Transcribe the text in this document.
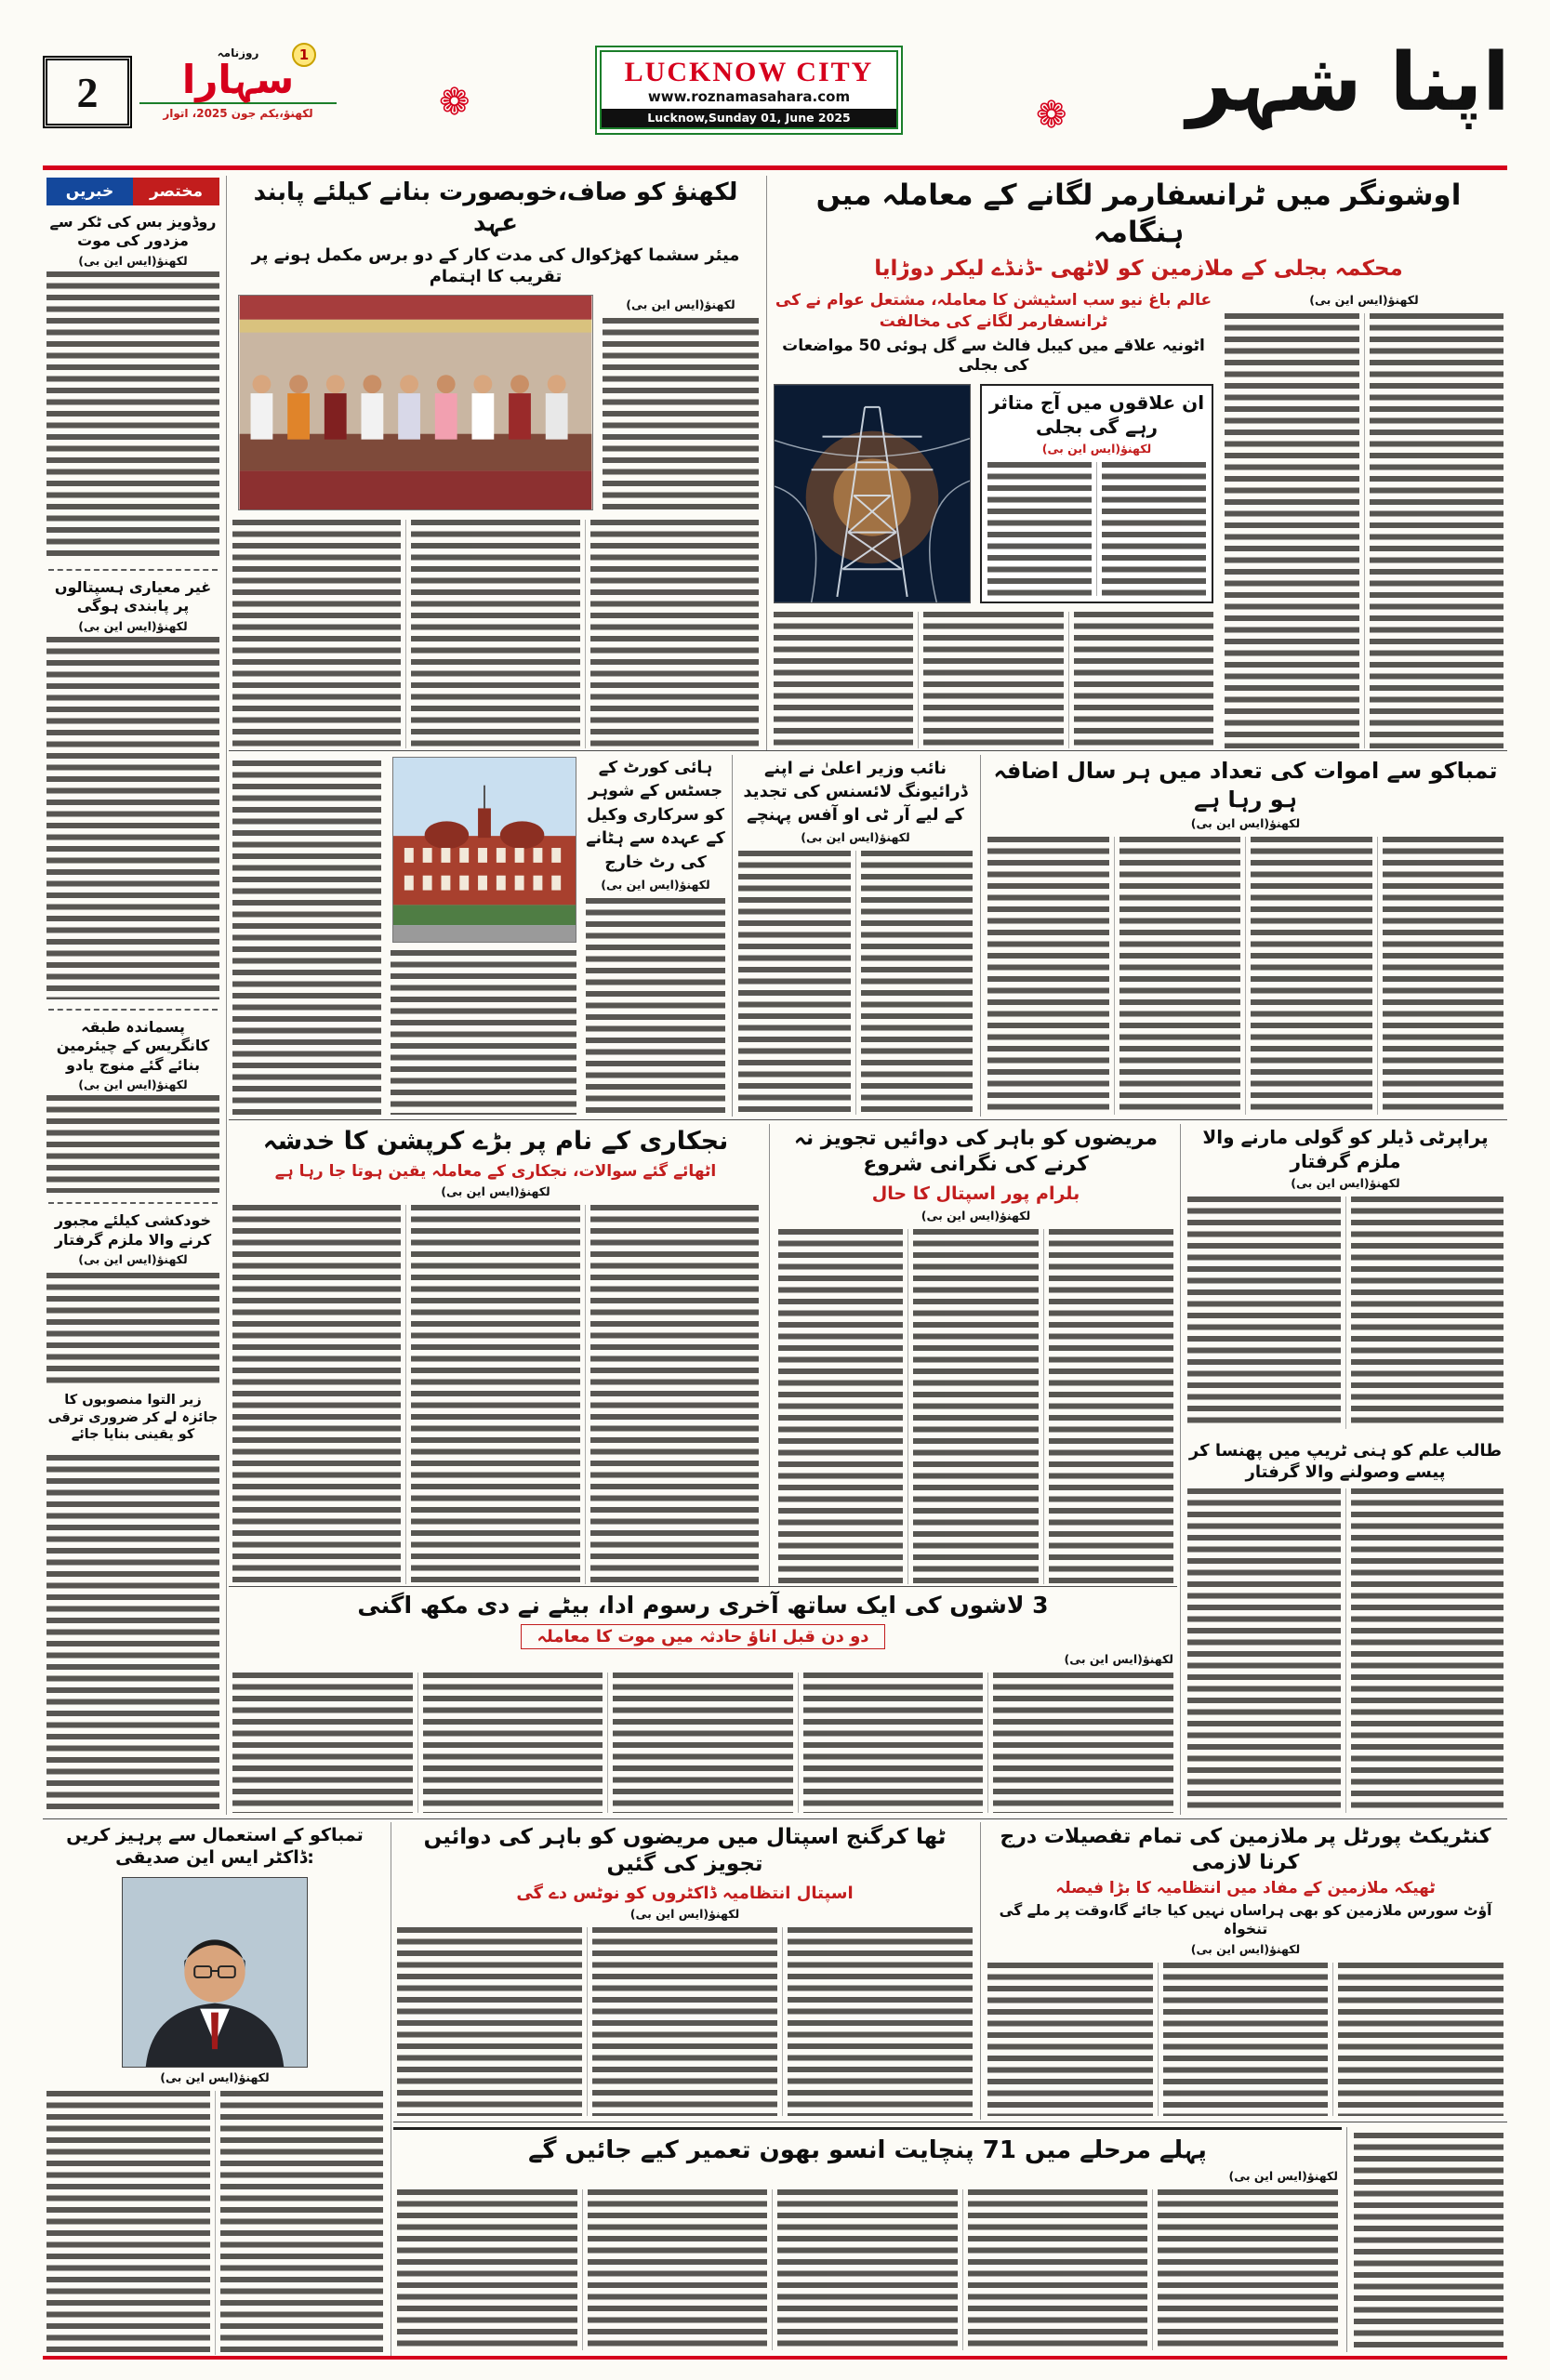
2
1
روزنامہ
سہارا
لکھنؤ،یکم جون 2025، اتوار	❁
LUCKNOW CITY
www.roznamasahara.com
Lucknow,Sunday 01, June 2025	❁ اپنا شہر
مختصر
خبریں
روڈویز بس کی ٹکر سے مزدور کی موت
لکھنؤ(ایس این بی)
غیر معیاری ہسپتالوں پر پابندی ہوگی
لکھنؤ(ایس این بی)
پسماندہ طبقہ کانگریس کے چیئرمین بنائے گئے منوج یادو
لکھنؤ(ایس این بی)
خودکشی کیلئے مجبور کرنے والا ملزم گرفتار
لکھنؤ(ایس این بی)
زیر التوا منصوبوں کا جائزہ لے کر ضروری ترقی کو یقینی بنایا جائے
لکھنؤ کو صاف،خوبصورت بنانے کیلئے پابند عہد
میئر سشما کھڑکوال کی مدت کار کے دو برس مکمل ہونے پر تقریب کا اہتمام
لکھنؤ(ایس این بی)
اوشونگر میں ٹرانسفارمر لگانے کے معاملہ میں ہنگامہ
محکمہ بجلی کے ملازمین کو لاٹھی -ڈنڈے لیکر دوڑایا
لکھنؤ(ایس این بی)
عالم باغ نیو سب اسٹیشن کا معاملہ، مشتعل عوام نے کی ٹرانسفارمر لگانے کی مخالفت
اٹونیہ علاقے میں کیبل فالٹ سے گل ہوئی 50 مواضعات کی بجلی
ان علاقوں میں آج متاثر رہے گی بجلی
لکھنؤ(ایس این بی)
ہائی کورٹ کے جسٹس کے شوہر کو سرکاری وکیل کے عہدہ سے ہٹانے کی رٹ خارج
لکھنؤ(ایس این بی)
نائب وزیر اعلیٰ نے اپنے ڈرائیونگ لائسنس کی تجدید کے لیے آر ٹی او آفس پہنچے
لکھنؤ(ایس این بی)
تمباکو سے اموات کی تعداد میں ہر سال اضافہ ہو رہا ہے
لکھنؤ(ایس این بی)
نجکاری کے نام پر بڑے کرپشن کا خدشہ
اٹھائے گئے سوالات، نجکاری کے معاملہ یقین ہوتا جا رہا ہے
لکھنؤ(ایس این بی)
مریضوں کو باہر کی دوائیں تجویز نہ کرنے کی نگرانی شروع
بلرام پور اسپتال کا حال
لکھنؤ(ایس این بی)
پراپرٹی ڈیلر کو گولی مارنے والا ملزم گرفتار
لکھنؤ(ایس این بی)
طالب علم کو ہنی ٹریپ میں پھنسا کر پیسے وصولنے والا گرفتار
3 لاشوں کی ایک ساتھ آخری رسوم ادا، بیٹے نے دی مکھ اگنی
دو دن قبل اناؤ حادثہ میں موت کا معاملہ
لکھنؤ(ایس این بی)
تمباکو کے استعمال سے پرہیز کریں :ڈاکٹر ایس این صدیقی
لکھنؤ(ایس این بی)
ٹھا کرگنج اسپتال میں مریضوں کو باہر کی دوائیں تجویز کی گئیں
اسپتال انتظامیہ ڈاکٹروں کو نوٹس دے گی
لکھنؤ(ایس این بی)
کنٹریکٹ پورٹل پر ملازمین کی تمام تفصیلات درج کرنا لازمی
ٹھیکہ ملازمین کے مفاد میں انتظامیہ کا بڑا فیصلہ
آؤٹ سورس ملازمین کو بھی ہراساں نہیں کیا جائے گا،وقت پر ملے گی تنخواہ
لکھنؤ(ایس این بی)
پہلے مرحلے میں 71 پنچایت انسو بھون تعمیر کیے جائیں گے
لکھنؤ(ایس این بی)
